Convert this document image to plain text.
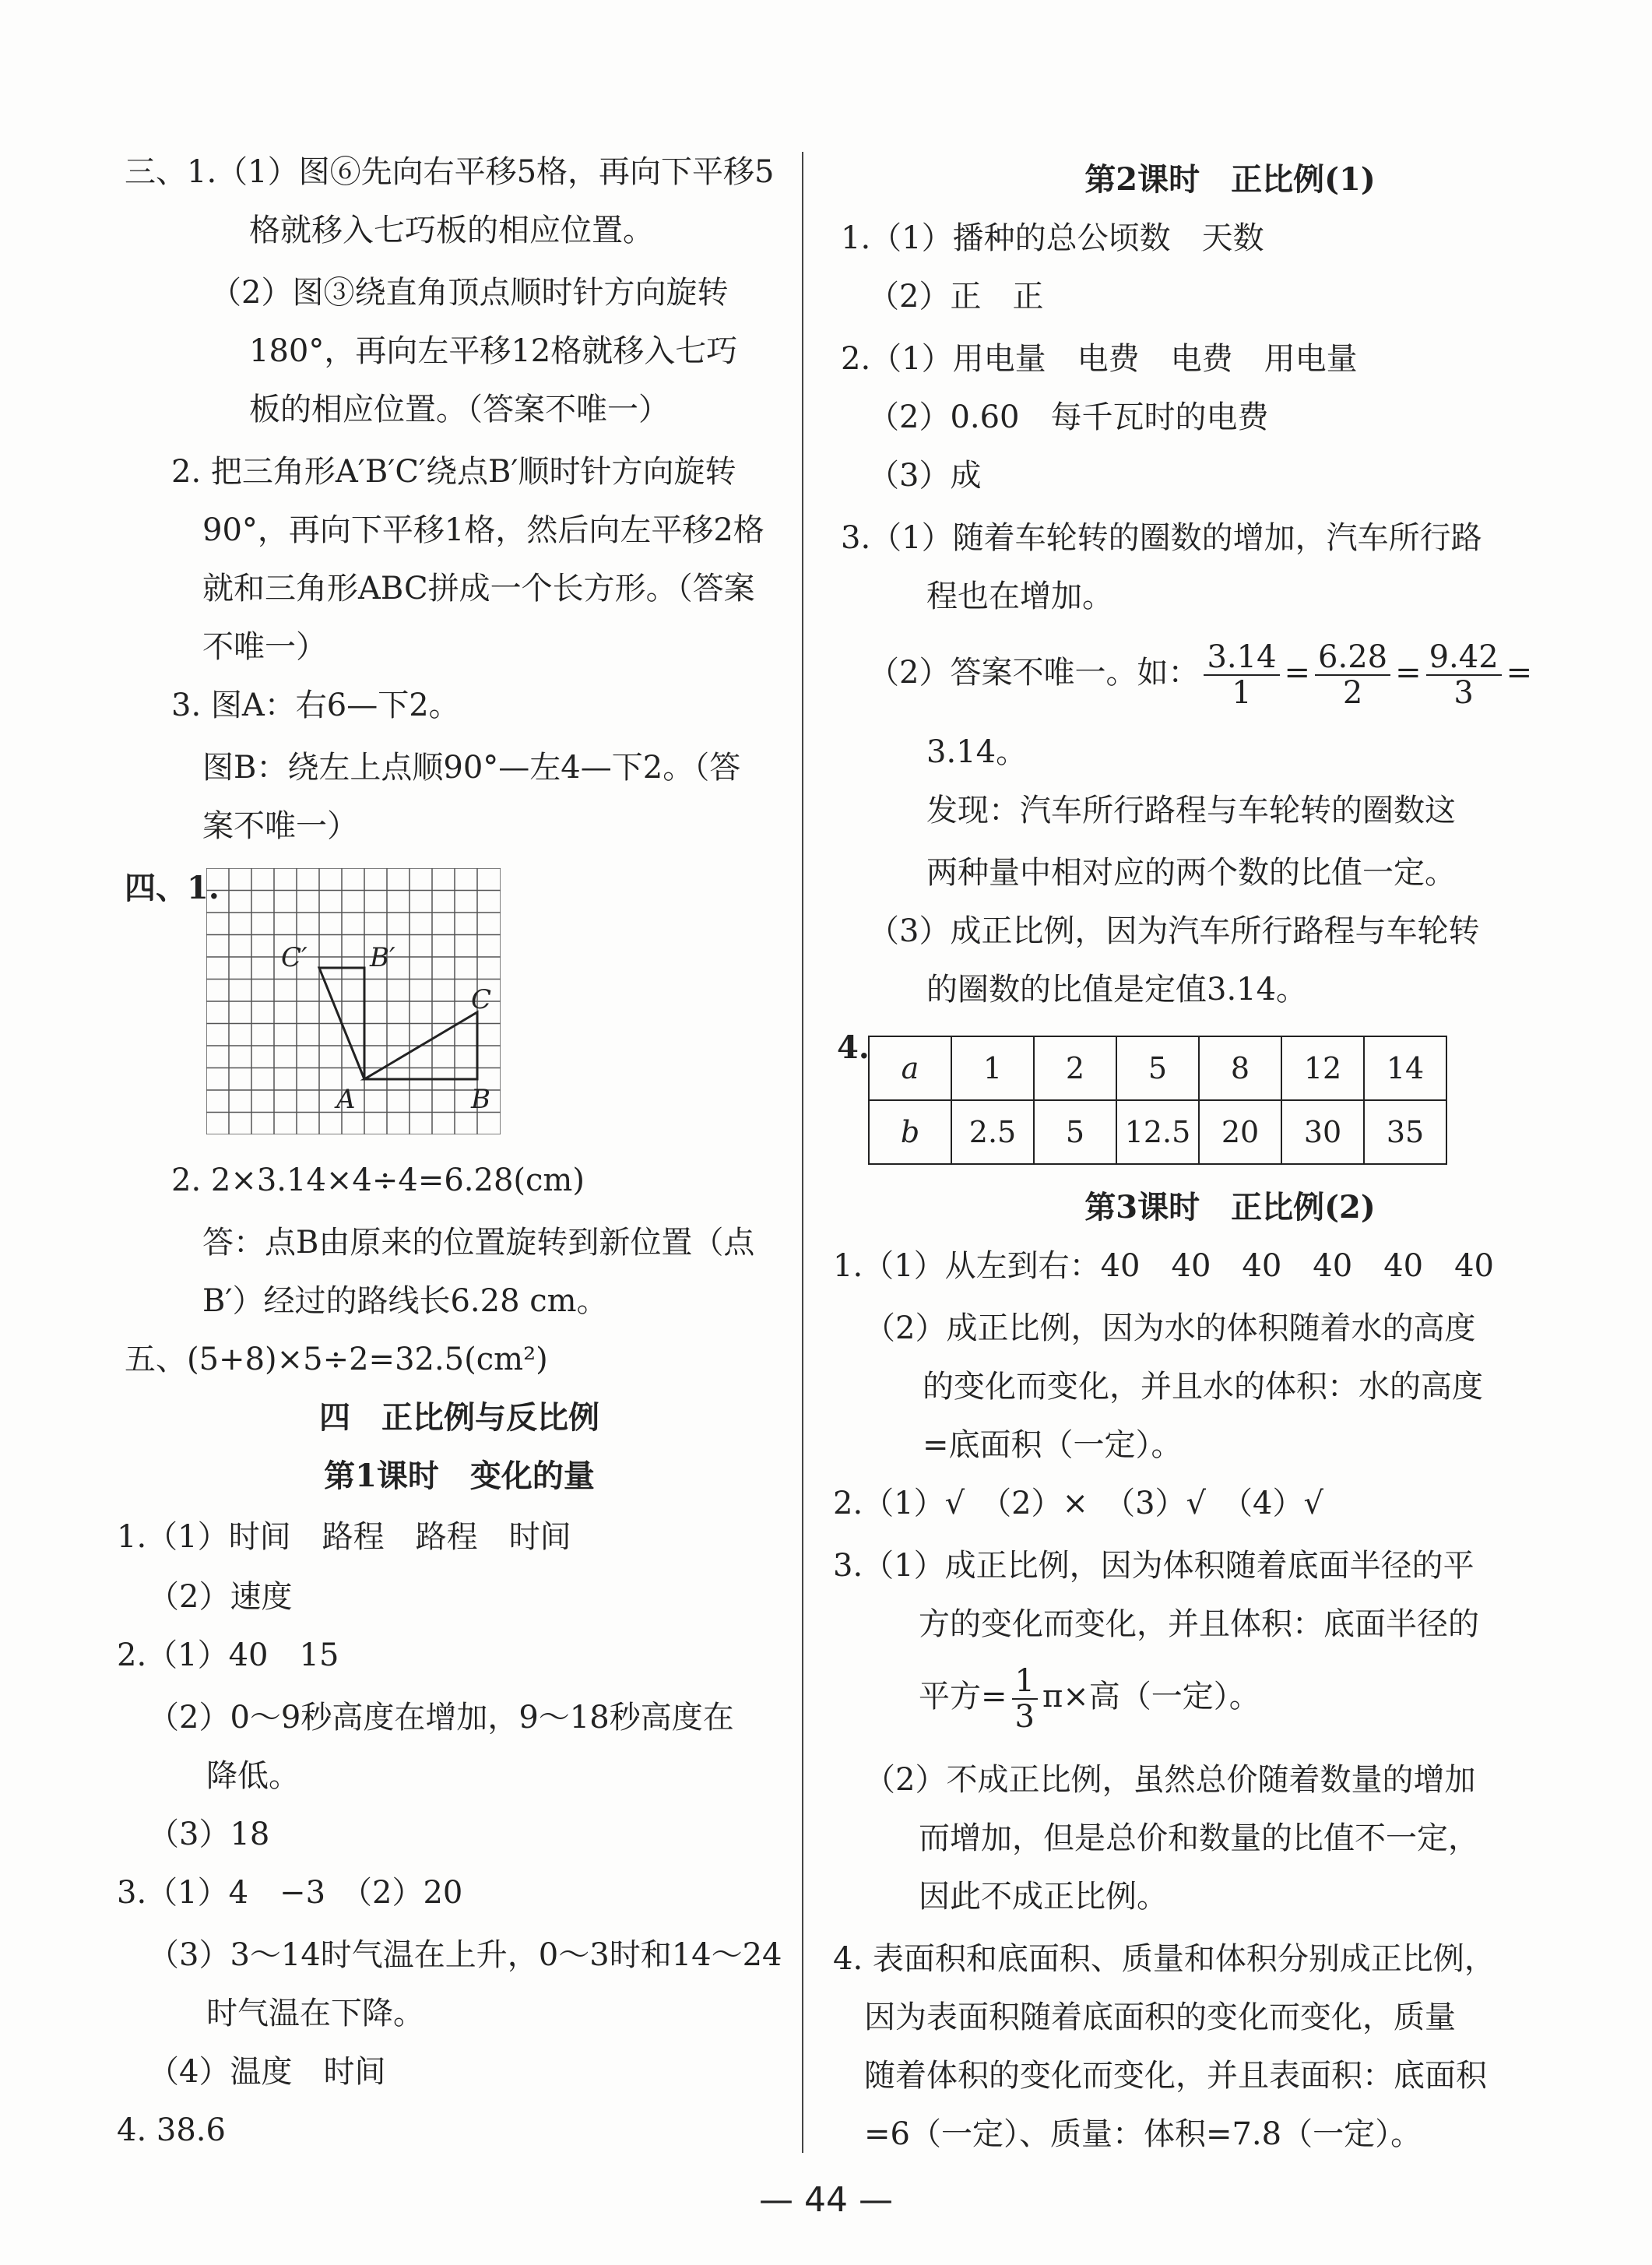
三、1.（1）图⑥先向右平移5格，再向下平移5
格就移入七巧板的相应位置。
（2）图③绕直角顶点顺时针方向旋转
180°，再向左平移12格就移入七巧
板的相应位置。（答案不唯一）
2. 把三角形A′B′C′绕点B′顺时针方向旋转
90°，再向下平移1格，然后向左平移2格
就和三角形ABC拼成一个长方形。（答案
不唯一）
3. 图A：右6—下2。
图B：绕左上点顺90°—左4—下2。（答
案不唯一）
四、1.
C′ B′
C
A	B
2. 2×3.14×4÷4=6.28(cm)
答：点B由原来的位置旋转到新位置（点
B′）经过的路线长6.28 cm。
五、(5+8)×5÷2=32.5(cm²)
四　正比例与反比例
第1课时　变化的量
1.（1）时间　路程　路程　时间
（2）速度
2.（1）40　15
（2）0～9秒高度在增加，9～18秒高度在
降低。
（3）18
3.（1）4　−3　（2）20
（3）3～14时气温在上升，0～3时和14～24
时气温在下降。
（4）温度　时间
4. 38.6
第2课时　正比例(1)
1.（1）播种的总公顷数　天数
（2）正　正
2.（1）用电量　电费　电费　用电量
（2）0.60　每千瓦时的电费
（3）成
3.（1）随着车轮转的圈数的增加，汽车所行路
程也在增加。
（2）答案不唯一。如： $\frac{3.14}{1} = \frac{6.28}{2} = \frac{9.42}{3}$ =
3.14。
发现：汽车所行路程与车轮转的圈数这
两种量中相对应的两个数的比值一定。
（3）成正比例，因为汽车所行路程与车轮转
的圈数的比值是定值3.14。
4.
a	1	2	5	8	12	14
b	2.5	5	12.5	20	30	35
第3课时　正比例(2)
1.（1）从左到右：40　40　40　40　40　40
（2）成正比例，因为水的体积随着水的高度
的变化而变化，并且水的体积：水的高度
=底面积（一定）。
2.（1）√　（2）×　（3）√　（4）√
3.（1）成正比例，因为体积随着底面半径的平
方的变化而变化，并且体积：底面半径的
平方= $\frac{1}{3} \pi\times$高（一定）。
（2）不成正比例，虽然总价随着数量的增加
而增加，但是总价和数量的比值不一定，
因此不成正比例。
4. 表面积和底面积、质量和体积分别成正比例，
因为表面积随着底面积的变化而变化，质量
随着体积的变化而变化，并且表面积：底面积
=6（一定）、质量：体积=7.8（一定）。
— 44 —
